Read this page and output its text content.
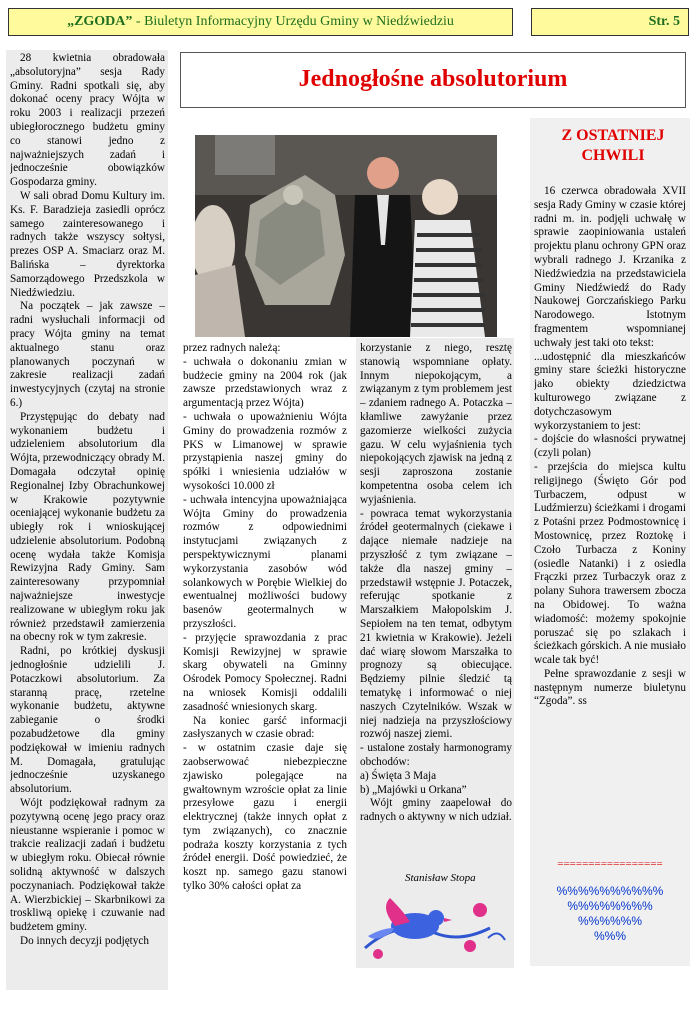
„ZGODA” - Biuletyn Informacyjny Urzędu Gminy w Niedźwiedziu	Str. 5

28 kwietnia obradowała „absolutoryjna” sesja Rady Gminy. Radni spotkali się, aby dokonać oceny pracy Wójta w roku 2003 i realizacji przezeń ubiegłorocznego budżetu gminy co stanowi jedno z najważniejszych zadań i jednocześnie obowiązków Gospodarza gminy.

W sali obrad Domu Kultury im. Ks. F. Baradzieja zasiedli oprócz samego zainteresowanego i radnych także wszyscy sołtysi, prezes OSP A. Smaciarz oraz M. Balińska – dyrektorka Samorządowego Przedszkola w Niedźwiedziu.

Na początek – jak zawsze – radni wysłuchali informacji od pracy Wójta gminy na temat aktualnego stanu oraz planowanych poczynań w zakresie realizacji zadań inwestycyjnych (czytaj na stronie 6.)

Przystępując do debaty nad wykonaniem budżetu i udzieleniem absolutorium dla Wójta, przewodniczący obrady M. Domagała odczytał opinię Regionalnej Izby Obrachunkowej w Krakowie pozytywnie oceniającej wykonanie budżetu za ubiegły rok i wnioskującej udzielenie absolutorium. Podobną ocenę wydała także Komisja Rewizyjna Rady Gminy. Sam zainteresowany przypomniał najważniejsze inwestycje realizowane w ubiegłym roku jak również przedstawił zamierzenia na obecny rok w tym zakresie.

Radni, po krótkiej dyskusji jednogłośnie udzielili J. Potaczkowi absolutorium. Za staranną pracę, rzetelne wykonanie budżetu, aktywne zabieganie o środki pozabudżetowe dla gminy podziękował w imieniu radnych M. Domagała, gratulując jednocześnie uzyskanego absolutorium.

Wójt podziękował radnym za pozytywną ocenę jego pracy oraz nieustanne wspieranie i pomoc w trakcie realizacji zadań i budżetu w ubiegłym roku. Obiecał równie solidną aktywność w dalszych poczynaniach. Podziękował także A. Wierzbickiej – Skarbnikowi za troskliwą opiekę i czuwanie nad budżetem gminy.

Do innych decyzji podjętych

Jednogłośne absolutorium

przez radnych należą:

- uchwała o dokonaniu zmian w budżecie gminy na 2004 rok (jak zawsze przedstawionych wraz z argumentacją przez Wójta)

- uchwała o upoważnieniu Wójta Gminy do prowadzenia rozmów z PKS w Limanowej w sprawie przystąpienia naszej gminy do spółki i wniesienia udziałów w wysokości 10.000 zł

- uchwała intencyjna upoważniająca Wójta Gminy do prowadzenia rozmów z odpowiednimi instytucjami związanych z perspektywicznymi planami wykorzystania zasobów wód solankowych w Porębie Wielkiej do ewentualnej możliwości budowy basenów geotermalnych w przyszłości.

- przyjęcie sprawozdania z prac Komisji Rewizyjnej w sprawie skarg obywateli na Gminny Ośrodek Pomocy Społecznej. Radni na wniosek Komisji oddalili zasadność wniesionych skarg.

Na koniec garść informacji zasłyszanych w czasie obrad:

- w ostatnim czasie daje się zaobserwować niebezpieczne zjawisko polegające na gwałtownym wzroście opłat za linie przesyłowe gazu i energii elektrycznej (także innych opłat z tym związanych), co znacznie podraża koszty korzystania z tych źródeł energii. Dość powiedzieć, że koszt np. samego gazu stanowi tylko 30% całości opłat za

korzystanie z niego, resztę stanowią wspomniane opłaty. Innym niepokojącym, a związanym z tym problemem jest – zdaniem radnego A. Potaczka – kłamliwe zawyżanie przez gazomierze wielkości zużycia gazu. W celu wyjaśnienia tych niepokojących zjawisk na jedną z sesji zaproszona zostanie kompetentna osoba celem ich wyjaśnienia.

- powraca temat wykorzystania źródeł geotermalnych (ciekawe i dające niemałe nadzieje na przyszłość z tym związane – także dla naszej gminy – przedstawił wstępnie J. Potaczek, referując spotkanie z Marszałkiem Małopolskim J. Sepiołem na ten temat, odbytym 21 kwietnia w Krakowie). Jeżeli dać wiarę słowom Marszałka to prognozy są obiecujące. Będziemy pilnie śledzić tą tematykę i informować o niej naszych Czytelników. Wszak w niej nadzieja na przyszłościowy rozwój naszej ziemi.

- ustalone zostały harmonogramy obchodów:

a) Święta 3 Maja

b) „Majówki u Orkana”

Wójt gminy zaapelował do radnych o aktywny w nich udział.

Stanisław Stopa
Z OSTATNIEJ
CHWILI

16 czerwca obradowała XVII sesja Rady Gminy w czasie której radni m. in. podjęli uchwałę w sprawie zaopiniowania ustaleń projektu planu ochrony GPN oraz wybrali radnego J. Krzanika z Niedźwiedzia na przedstawiciela Gminy Niedźwiedź do Rady Naukowej Gorczańskiego Parku Narodowego. Istotnym fragmentem wspomnianej uchwały jest taki oto tekst:

...udostępnić dla mieszkańców gminy stare ścieżki historyczne jako obiekty dziedzictwa kulturowego związane z dotychczasowym wykorzystaniem to jest:

- dojście do własności prywatnej (czyli polan)

- przejścia do miejsca kultu religijnego (Święto Gór pod Turbaczem, odpust w Ludźmierzu) ścieżkami i drogami z Potaśni przez Podmostownicę i Mostownicę, przez Roztokę i Czoło Turbacza z Koniny (osiedle Natanki) i z osiedla Frączki przez Turbaczyk oraz z polany Suhora trawersem zbocza na Obidowej. To ważna wiadomość: możemy spokojnie poruszać się po szlakach i ścieżkach górskich. A nie musiało wcale tak być!

Pełne sprawozdanie z sesji w następnym numerze biuletynu “Zgoda”. ss

=================
%%%%%%%%%%
%%%%%%%%
%%%%%%
%%%
